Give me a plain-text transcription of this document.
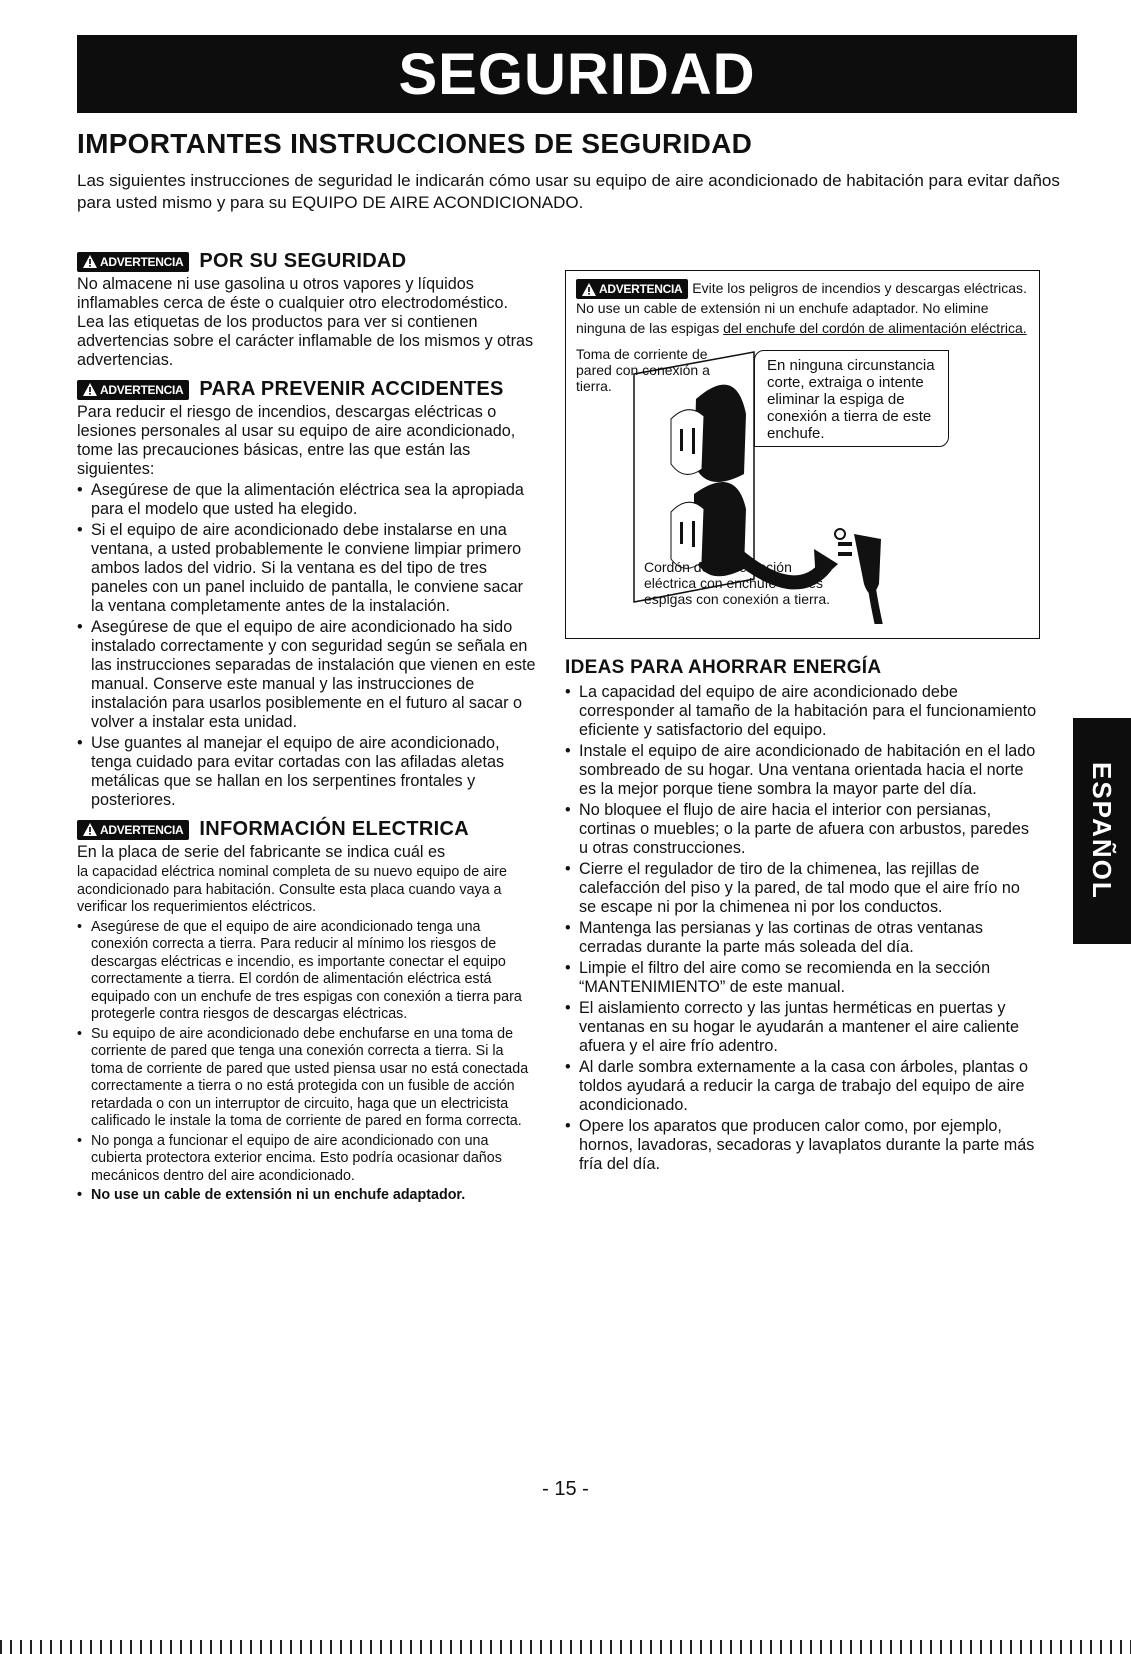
SEGURIDAD
IMPORTANTES INSTRUCCIONES DE SEGURIDAD
Las siguientes instrucciones de seguridad le indicarán cómo usar su equipo de aire acondicionado de habitación para evitar daños para usted mismo y para su EQUIPO DE AIRE ACONDICIONADO.
ADVERTENCIA POR SU SEGURIDAD
No almacene ni use gasolina u otros vapores y líquidos inflamables cerca de éste o cualquier otro electrodoméstico. Lea las etiquetas de los productos para ver si contienen advertencias sobre el carácter inflamable de los mismos y otras advertencias.
ADVERTENCIA PARA PREVENIR ACCIDENTES
Para reducir el riesgo de incendios, descargas eléctricas o lesiones personales al usar su equipo de aire acondicionado, tome las precauciones básicas, entre las que están las siguientes:
• Asegúrese de que la alimentación eléctrica sea la apropiada para el modelo que usted ha elegido.
• Si el equipo de aire acondicionado debe instalarse en una ventana, a usted probablemente le conviene limpiar primero ambos lados del vidrio. Si la ventana es del tipo de tres paneles con un panel incluido de pantalla, le conviene sacar la ventana completamente antes de la instalación.
• Asegúrese de que el equipo de aire acondicionado ha sido instalado correctamente y con seguridad según se señala en las instrucciones separadas de instalación que vienen en este manual. Conserve este manual y las instrucciones de instalación para usarlos posiblemente en el futuro al sacar o volver a instalar esta unidad.
• Use guantes al manejar el equipo de aire acondicionado, tenga cuidado para evitar cortadas con las afiladas aletas metálicas que se hallan en los serpentines frontales y posteriores.
ADVERTENCIA INFORMACIÓN ELECTRICA
En la placa de serie del fabricante se indica cuál es
la capacidad eléctrica nominal completa de su nuevo equipo de aire acondicionado para habitación. Consulte esta placa cuando vaya a verificar los requerimientos eléctricos.
• Asegúrese de que el equipo de aire acondicionado tenga una conexión correcta a tierra. Para reducir al mínimo los riesgos de descargas eléctricas e incendio, es importante conectar el equipo correctamente a tierra. El cordón de alimentación eléctrica está equipado con un enchufe de tres espigas con conexión a tierra para protegerle contra riesgos de descargas eléctricas.
• Su equipo de aire acondicionado debe enchufarse en una toma de corriente de pared que tenga una conexión correcta a tierra. Si la toma de corriente de pared que usted piensa usar no está conectada correctamente a tierra o no está protegida con un fusible de acción retardada o con un interruptor de circuito, haga que un electricista calificado le instale la toma de corriente de pared en forma correcta.
• No ponga a funcionar el equipo de aire acondicionado con una cubierta protectora exterior encima. Esto podría ocasionar daños mecánicos dentro del aire acondicionado.
• No use un cable de extensión ni un enchufe adaptador.
ADVERTENCIA Evite los peligros de incendios y descargas eléctricas. No use un cable de extensión ni un enchufe adaptador. No elimine ninguna de las espigas del enchufe del cordón de alimentación eléctrica.
Toma de corriente de pared con conexión a tierra.
En ninguna circunstancia corte, extraiga o intente eliminar la espiga de conexión a tierra de este enchufe.
Cordón de alimentación eléctrica con enchufe de tres espigas con conexión a tierra.
IDEAS PARA AHORRAR ENERGÍA
• La capacidad del equipo de aire acondicionado debe corresponder al tamaño de la habitación para el funcionamiento eficiente y satisfactorio del equipo.
• Instale el equipo de aire acondicionado de habitación en el lado sombreado de su hogar. Una ventana orientada hacia el norte es la mejor porque tiene sombra la mayor parte del día.
• No bloquee el flujo de aire hacia el interior con persianas, cortinas o muebles; o la parte de afuera con arbustos, paredes u otras construcciones.
• Cierre el regulador de tiro de la chimenea, las rejillas de calefacción del piso y la pared, de tal modo que el aire frío no se escape ni por la chimenea ni por los conductos.
• Mantenga las persianas y las cortinas de otras ventanas cerradas durante la parte más soleada del día.
• Limpie el filtro del aire como se recomienda en la sección “MANTENIMIENTO” de este manual.
• El aislamiento correcto y las juntas herméticas en puertas y ventanas en su hogar le ayudarán a mantener el aire caliente afuera y el aire frío adentro.
• Al darle sombra externamente a la casa con árboles, plantas o toldos ayudará a reducir la carga de trabajo del equipo de aire acondicionado.
• Opere los aparatos que producen calor como, por ejemplo, hornos, lavadoras, secadoras y lavaplatos durante la parte más fría del día.
ESPAÑOL
- 15 -
